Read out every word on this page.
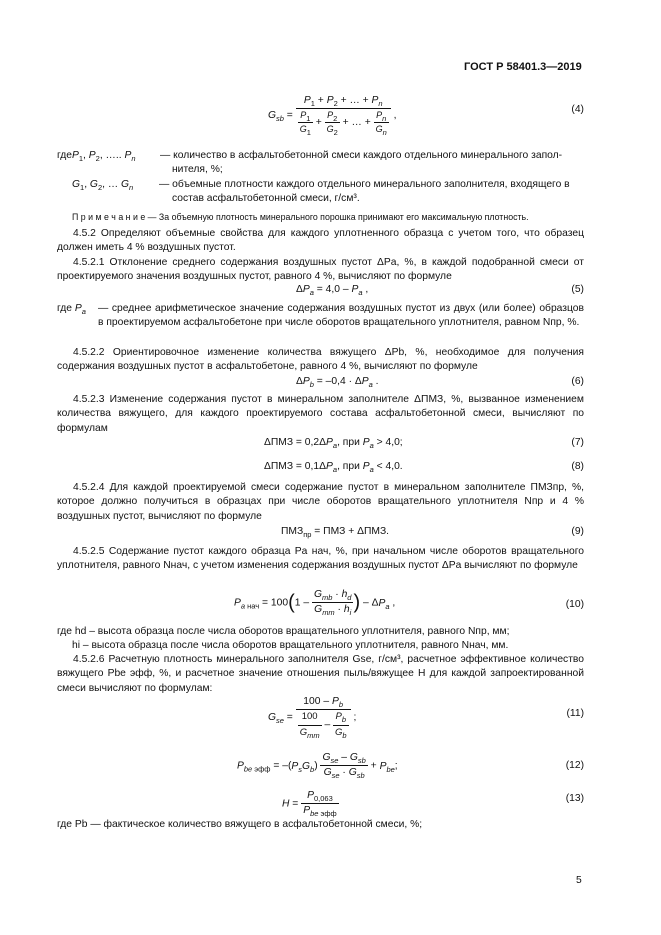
ГОСТ Р 58401.3—2019
$G_{sb} = \frac{P_1 + P_2 + \dots + P_n}{\frac{P_1}{G_1} + \frac{P_2}{G_2} + \dots + \frac{P_n}{G_n}}$ ,
(4)
где $P_1$, $P_2$, ….. $P_n$ — количество в асфальтобетонной смеси каждого отдельного минерального запол-
нителя, %;
$G_1$, $G_2$, … $G_n$	— объемные плотности каждого отдельного минерального заполнителя, входящего в
состав асфальтобетонной смеси, г/см³.
П р и м е ч а н и е — За объемную плотность минерального порошка принимают его максимальную плотность.
4.5.2 Определяют объемные свойства для каждого уплотненного образца с учетом того, что образец должен иметь 4 % воздушных пустот.
4.5.2.1 Отклонение среднего содержания воздушных пустот ΔPa, %, в каждой подобранной смеси от проектируемого значения воздушных пустот, равного 4 %, вычисляют по формуле
$\Delta P_a = 4,0 - P_a$ ,	(5)
где $P_a$ — среднее арифметическое значение содержания воздушных пустот из двух (или более) образцов в проектируемом асфальтобетоне при числе оборотов вращательного уплотнителя, равном Nпр, %.
4.5.2.2 Ориентировочное изменение количества вяжущего ΔPb, %, необходимое для получения содержания воздушных пустот в асфальтобетоне, равного 4 %, вычисляют по формуле
$\Delta P_b = -0,4 \cdot \Delta P_a$ .	(6)
4.5.2.3 Изменение содержания пустот в минеральном заполнителе ΔПМЗ, %, вызванное изменением количества вяжущего, для каждого проектируемого состава асфальтобетонной смеси, вычисляют по формулам
$\Delta ПМЗ = 0,2\Delta P_a$, при $P_a > 4,0$;	(7)
$\Delta ПМЗ = 0,1\Delta P_a$, при $P_a < 4,0$.	(8)
4.5.2.4 Для каждой проектируемой смеси содержание пустот в минеральном заполнителе ПМЗпр, %, которое должно получиться в образцах при числе оборотов вращательного уплотнителя Nпр и 4 % воздушных пустот, вычисляют по формуле
$ПМЗ_{пр}$ = ПМЗ + ΔПМЗ.	(9)
4.5.2.5 Содержание пустот каждого образца Pa нач, %, при начальном числе оборотов вращательного уплотнителя, равного Nнач, с учетом изменения содержания воздушных пустот ΔPa вычисляют по формуле
$P_a$ $_{нач} = 100(1 - \frac{G_{mb} \cdot h_d}{G_{mm} \cdot h_i}$ ) – $\Delta P_a$ ,	(10)
где hd – высота образца после числа оборотов вращательного уплотнителя, равного Nпр, мм;
hi – высота образца после числа оборотов вращательного уплотнителя, равного Nнач, мм.
4.5.2.6 Расчетную плотность минерального заполнителя Gse, г/см³, расчетное эффективное количество вяжущего Pbe эфф, %, и расчетное значение отношения пыль/вяжущее H для каждой запроектированной смеси вычисляют по формулам:
$G_{se} = \frac{100 - P_b}{\frac{100}{G_{mm}} - \frac{P_b}{G_b}}$ ;	(11)
$P_{be}$ $_{эфф} = -(P_sG_b) \frac{G_{se} - G_{sb}}{G_{se} \cdot G_{sb}} + P_{be}$;	(12)
$H = \frac{P_{0,063}}{P_{be} _{эфф}}$	(13)
где Pb — фактическое количество вяжущего в асфальтобетонной смеси, %;
5
